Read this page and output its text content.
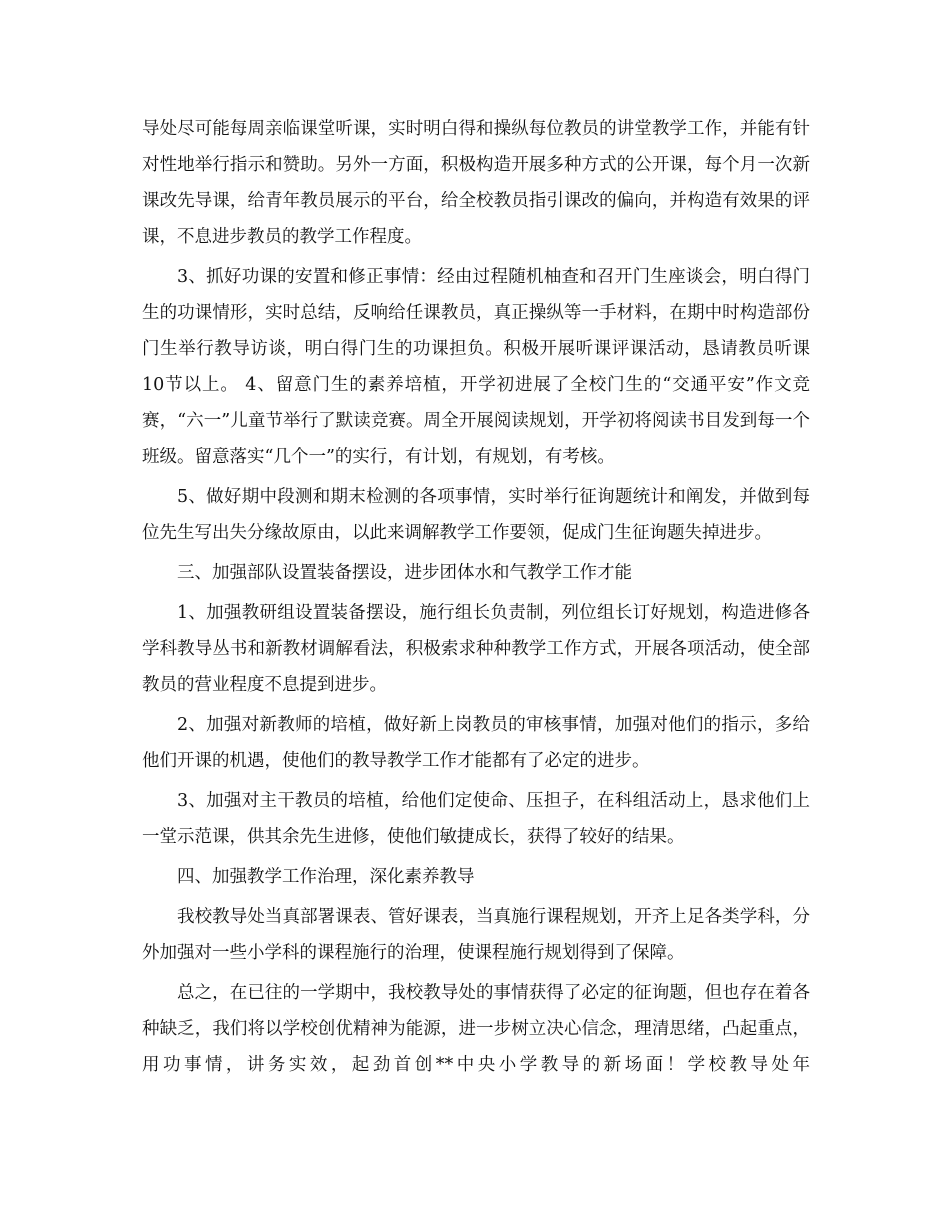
导处尽可能每周亲临课堂听课，实时明白得和操纵每位教员的讲堂教学工作，并能有针对性地举行指示和赞助。另外一方面，积极构造开展多种方式的公开课，每个月一次新课改先导课，给青年教员展示的平台，给全校教员指引课改的偏向，并构造有效果的评课，不息进步教员的教学工作程度。

3、抓好功课的安置和修正事情：经由过程随机柚查和召开门生座谈会，明白得门生的功课情形，实时总结，反响给任课教员，真正操纵等一手材料，在期中时构造部份门生举行教导访谈，明白得门生的功课担负。积极开展听课评课活动，恳请教员听课10节以上。 4、留意门生的素养培植，开学初进展了全校门生的“交通平安”作文竞赛，“六一”儿童节举行了默读竞赛。周全开展阅读规划，开学初将阅读书目发到每一个班级。留意落实“几个一”的实行，有计划，有规划，有考核。

5、做好期中段测和期末检测的各项事情，实时举行征询题统计和阐发，并做到每位先生写出失分缘故原由，以此来调解教学工作要领，促成门生征询题失掉进步。

三、加强部队设置装备摆设，进步团体水和气教学工作才能

1、加强教研组设置装备摆设，施行组长负责制，列位组长订好规划，构造进修各学科教导丛书和新教材调解看法，积极索求种种教学工作方式，开展各项活动，使全部教员的营业程度不息提到进步。

2、加强对新教师的培植，做好新上岗教员的审核事情，加强对他们的指示，多给他们开课的机遇，使他们的教导教学工作才能都有了必定的进步。

3、加强对主干教员的培植，给他们定使命、压担子，在科组活动上，恳求他们上一堂示范课，供其余先生进修，使他们敏捷成长，获得了较好的结果。

四、加强教学工作治理，深化素养教导

我校教导处当真部署课表、管好课表，当真施行课程规划，开齐上足各类学科，分外加强对一些小学科的课程施行的治理，使课程施行规划得到了保障。

总之，在已往的一学期中，我校教导处的事情获得了必定的征询题，但也存在着各种缺乏，我们将以学校创优精神为能源，进一步树立决心信念，理清思绪，凸起重点，用功事情，讲务实效，起劲首创**中央小学教导的新场面！学校教导处年
